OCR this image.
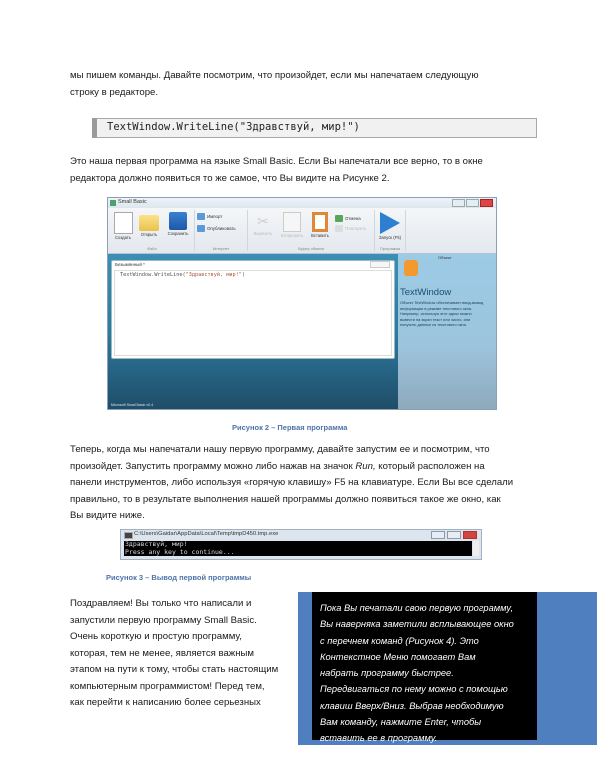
мы пишем команды. Давайте посмотрим, что произойдет, если мы напечатаем следующую
строку в редакторе.
TextWindow.WriteLine("Здравствуй, мир!")
Это наша первая программа на языке Small Basic. Если Вы напечатали все верно, то в окне
редактора должно появиться то же самое, что Вы видите на Рисунке 2.
Small Basic
Создать
Открыть	Сохранить
Файл
Импорт
Опубликовать
Интернет
✂
Вырезать	Копировать	Вставить
Отмена
Повторить
Буфер обмена
Запуск (F5)
Программа
Безымянный *
TextWindow.WriteLine("Здравствуй, мир!")
Microsoft Small Basic v0.4
Объект
TextWindow
Объект TextWindow обеспечивает ввод-вывод информации в режиме текстового окна. Например, используя этот идекс можно вывести на экран текст или число, или получить данные из текстового окна.
Рисунок 2 – Первая программа
Теперь, когда мы напечатали нашу первую программу, давайте запустим ее и посмотрим, что
произойдет. Запустить программу можно либо нажав на значок Run, который расположен на
панели инструментов, либо используя «горячую клавишу» F5 на клавиатуре. Если Вы все сделали
правильно, то в результате выполнения нашей программы должно появиться такое же окно, как
Вы видите ниже.
C:\Users\Gaidar\AppData\Local\Temp\tmpD450.tmp.exe
Здравствуй, мир!
Press any key to continue...
Рисунок 3 – Вывод первой программы
Поздравляем! Вы только что написали и
запустили первую программу Small Basic.
Очень короткую и простую программу,
которая, тем не менее, является важным
этапом на пути к тому, чтобы стать настоящим
компьютерным программистом! Перед тем,
как перейти к написанию более серьезных
Пока Вы печатали свою первую программу,
Вы наверняка заметили всплывающее окно
с перечнем команд (Рисунок 4). Это
Контекстное Меню помогает Вам
набрать программу быстрее.
Передвигаться по нему можно с помощью
клавиш Вверх/Вниз. Выбрав необходимую
Вам команду, нажмите Enter, чтобы
вставить ее в программу.
